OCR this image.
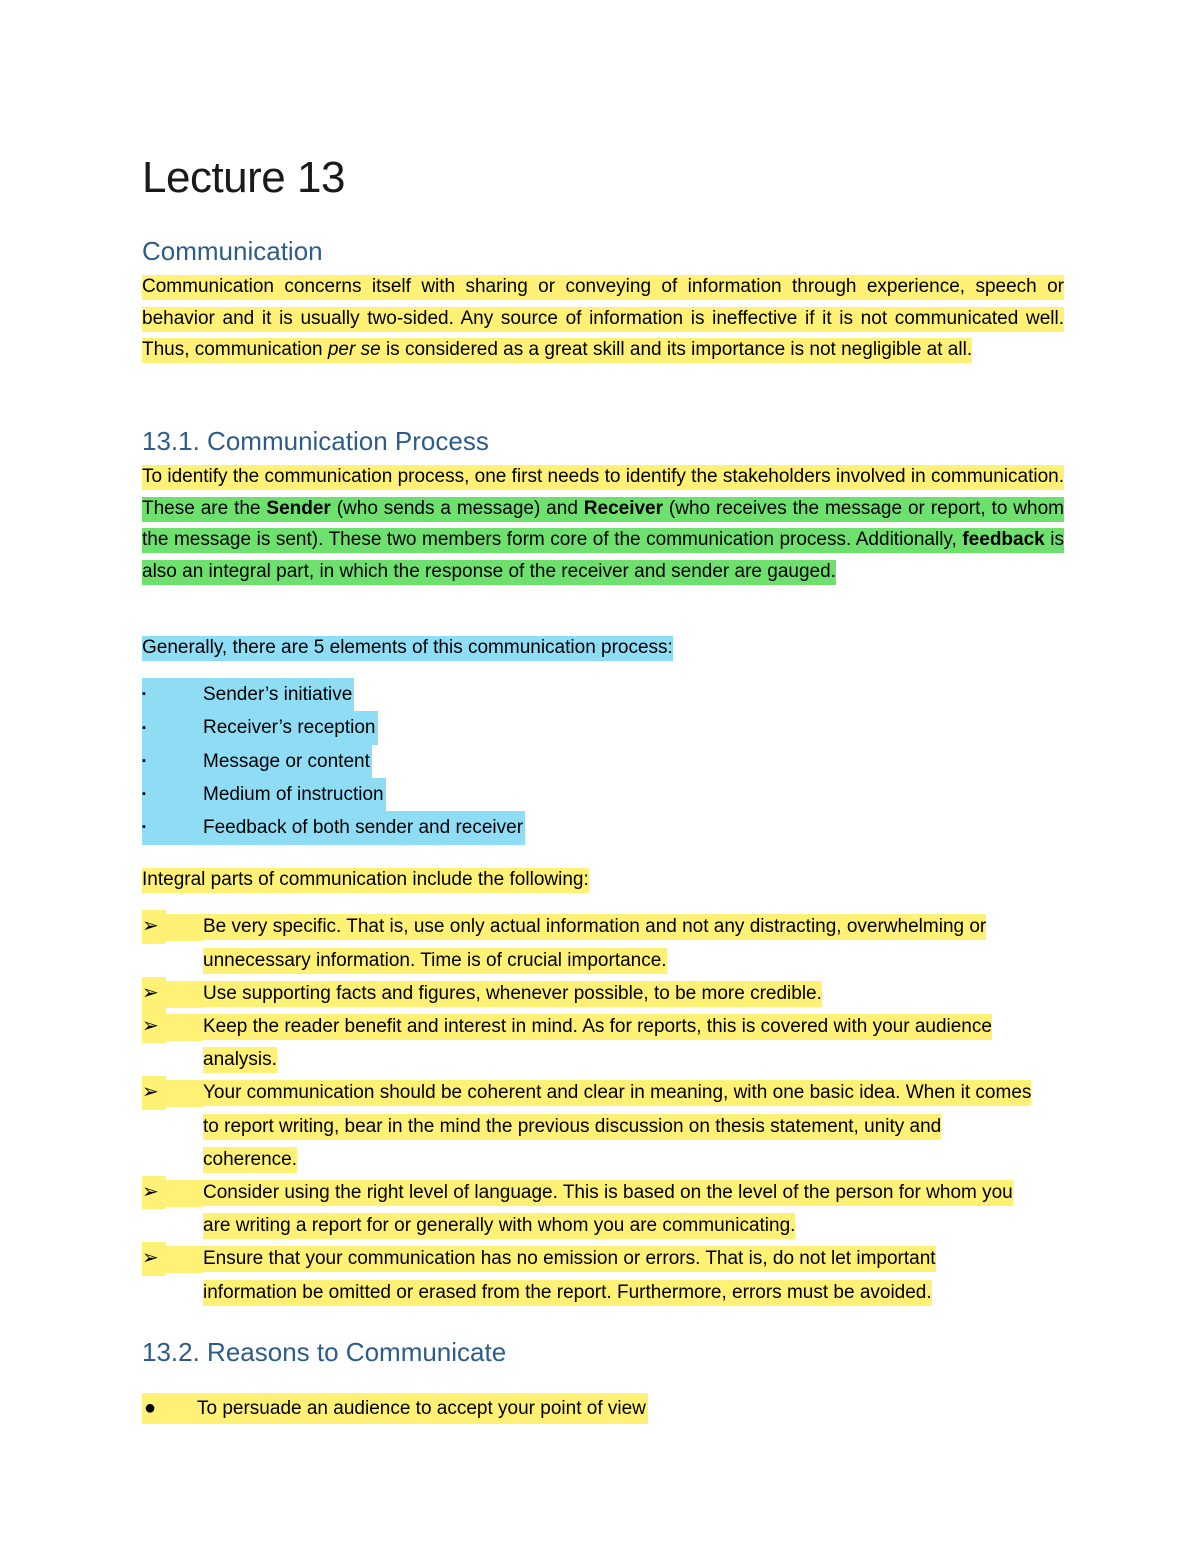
Lecture 13
Communication

Communication concerns itself with sharing or conveying of information through experience, speech or behavior and it is usually two-sided. Any source of information is ineffective if it is not communicated well. Thus, communication per se is considered as a great skill and its importance is not negligible at all.

13.1. Communication Process

To identify the communication process, one first needs to identify the stakeholders involved in communication. These are the Sender (who sends a message) and Receiver (who receives the message or report, to whom the message is sent). These two members form core of the communication process. Additionally, feedback is also an integral part, in which the response of the receiver and sender are gauged.

Generally, there are 5 elements of this communication process:

▪	Sender’s initiative
▪	Receiver’s reception
▪	Message or content
▪	Medium of instruction
▪	Feedback of both sender and receiver

Integral parts of communication include the following:

➢	Be very specific. That is, use only actual information and not any distracting, overwhelming or unnecessary information. Time is of crucial importance.
➢	Use supporting facts and figures, whenever possible, to be more credible.
➢	Keep the reader benefit and interest in mind. As for reports, this is covered with your audience analysis.
➢	Your communication should be coherent and clear in meaning, with one basic idea. When it comes to report writing, bear in the mind the previous discussion on thesis statement, unity and coherence.
➢	Consider using the right level of language. This is based on the level of the person for whom you are writing a report for or generally with whom you are communicating.
➢	Ensure that your communication has no emission or errors. That is, do not let important information be omitted or erased from the report. Furthermore, errors must be avoided.
13.2. Reasons to Communicate

● To persuade an audience to accept your point of view
